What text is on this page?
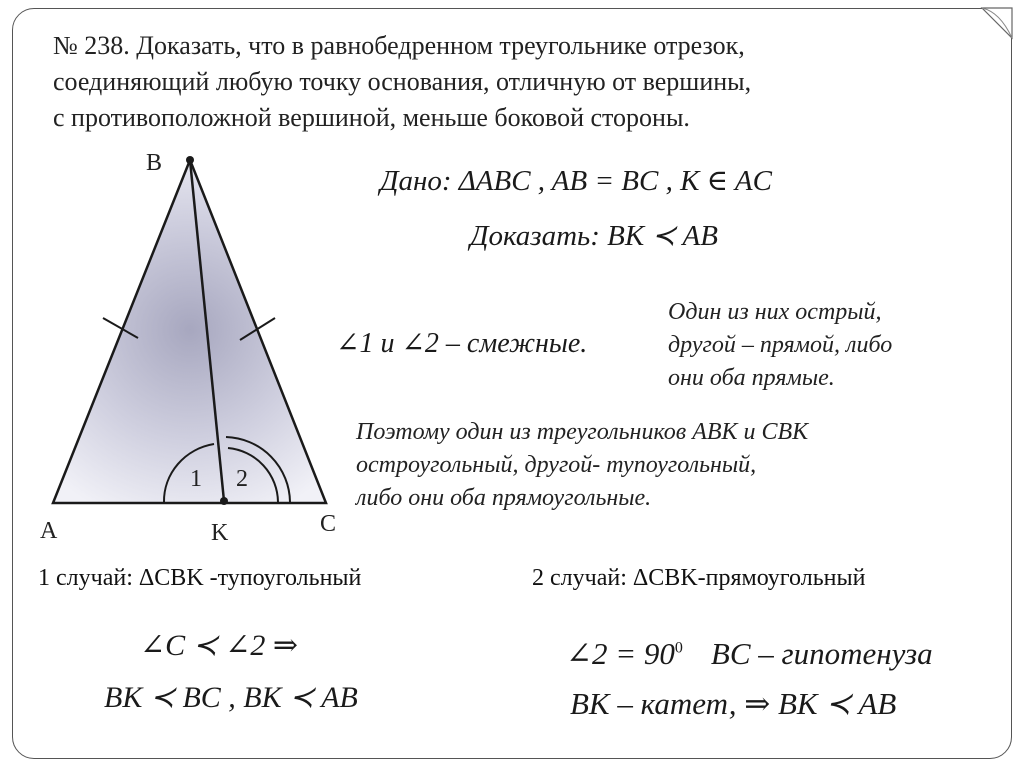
№ 238. Доказать, что в равнобедренном треугольнике отрезок,
соединяющий любую точку основания, отличную от вершины,
с противоположной вершиной, меньше боковой стороны.
B
A	C
K
1 2
Дано: ΔABC , AB = BC , K ∈ AC
Доказать: BK ≺ AB
∠1 и ∠2 – смежные.
Один из них острый,
другой – прямой, либо
они оба прямые.
Поэтому один из треугольников ABK и CBK
остроугольный, другой- тупоугольный,
либо они оба прямоугольные.
1 случай: ΔCBK -тупоугольный
∠C ≺ ∠2 ⇒
BK ≺ BC , BK ≺ AB
2 случай: ΔCBK-прямоугольный
∠2 = $90^0$ BC – гипотенуза
BK – катет, ⇒ BK ≺ AB
